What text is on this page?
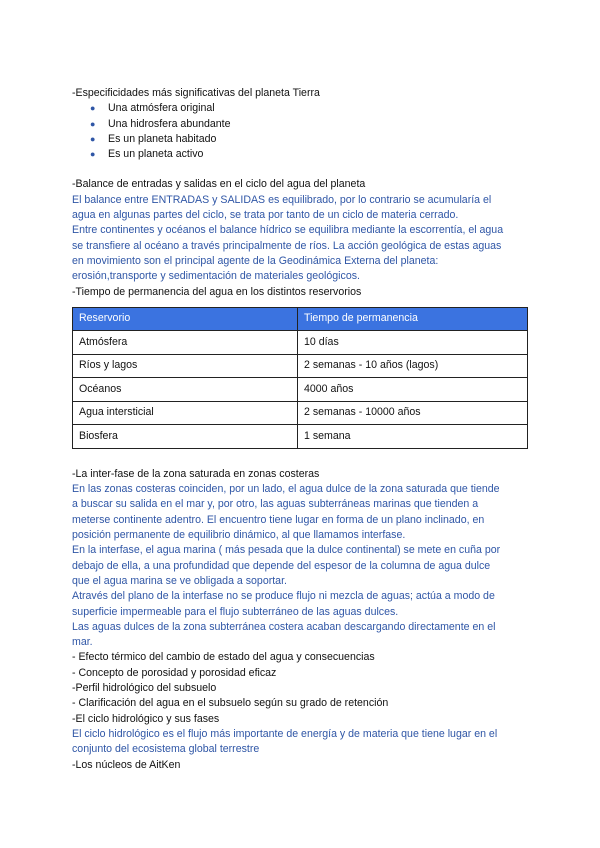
-Especificidades más significativas del planeta Tierra

● Una atmósfera original
● Una hidrosfera abundante
● Es un planeta habitado
● Es un planeta activo

-Balance de entradas y salidas en el ciclo del agua del planeta

El balance entre ENTRADAS y SALIDAS es equilibrado, por lo contrario se acumularía el
agua en algunas partes del ciclo, se trata por tanto de un ciclo de materia cerrado.
Entre continentes y océanos el balance hídrico se equilibra mediante la escorrentía, el agua
se transfiere al océano a través principalmente de ríos. La acción geológica de estas aguas
en movimiento son el principal agente de la Geodinámica Externa del planeta:
erosión,transporte y sedimentación de materiales geológicos.

-Tiempo de permanencia del agua en los distintos reservorios

Reservorio	Tiempo de permanencia
Atmósfera	10 días
Ríos y lagos	2 semanas - 10 años (lagos)
Océanos	4000 años
Agua intersticial	2 semanas - 10000 años
Biosfera	1 semana

-La inter-fase de la zona saturada en zonas costeras

En las zonas costeras coinciden, por un lado, el agua dulce de la zona saturada que tiende
a buscar su salida en el mar y, por otro, las aguas subterráneas marinas que tienden a
meterse continente adentro. El encuentro tiene lugar en forma de un plano inclinado, en
posición permanente de equilibrio dinámico, al que llamamos interfase.
En la interfase, el agua marina ( más pesada que la dulce continental) se mete en cuña por
debajo de ella, a una profundidad que depende del espesor de la columna de agua dulce
que el agua marina se ve obligada a soportar.
Através del plano de la interfase no se produce flujo ni mezcla de aguas; actúa a modo de
superficie impermeable para el flujo subterráneo de las aguas dulces.
Las aguas dulces de la zona subterránea costera acaban descargando directamente en el
mar.
- Efecto térmico del cambio de estado del agua y consecuencias
- Concepto de porosidad y porosidad eficaz
-Perfil hidrológico del subsuelo
- Clarificación del agua en el subsuelo según su grado de retención
-El ciclo hidrológico y sus fases
El ciclo hidrológico es el flujo más importante de energía y de materia que tiene lugar en el
conjunto del ecosistema global terrestre

-Los núcleos de AitKen
